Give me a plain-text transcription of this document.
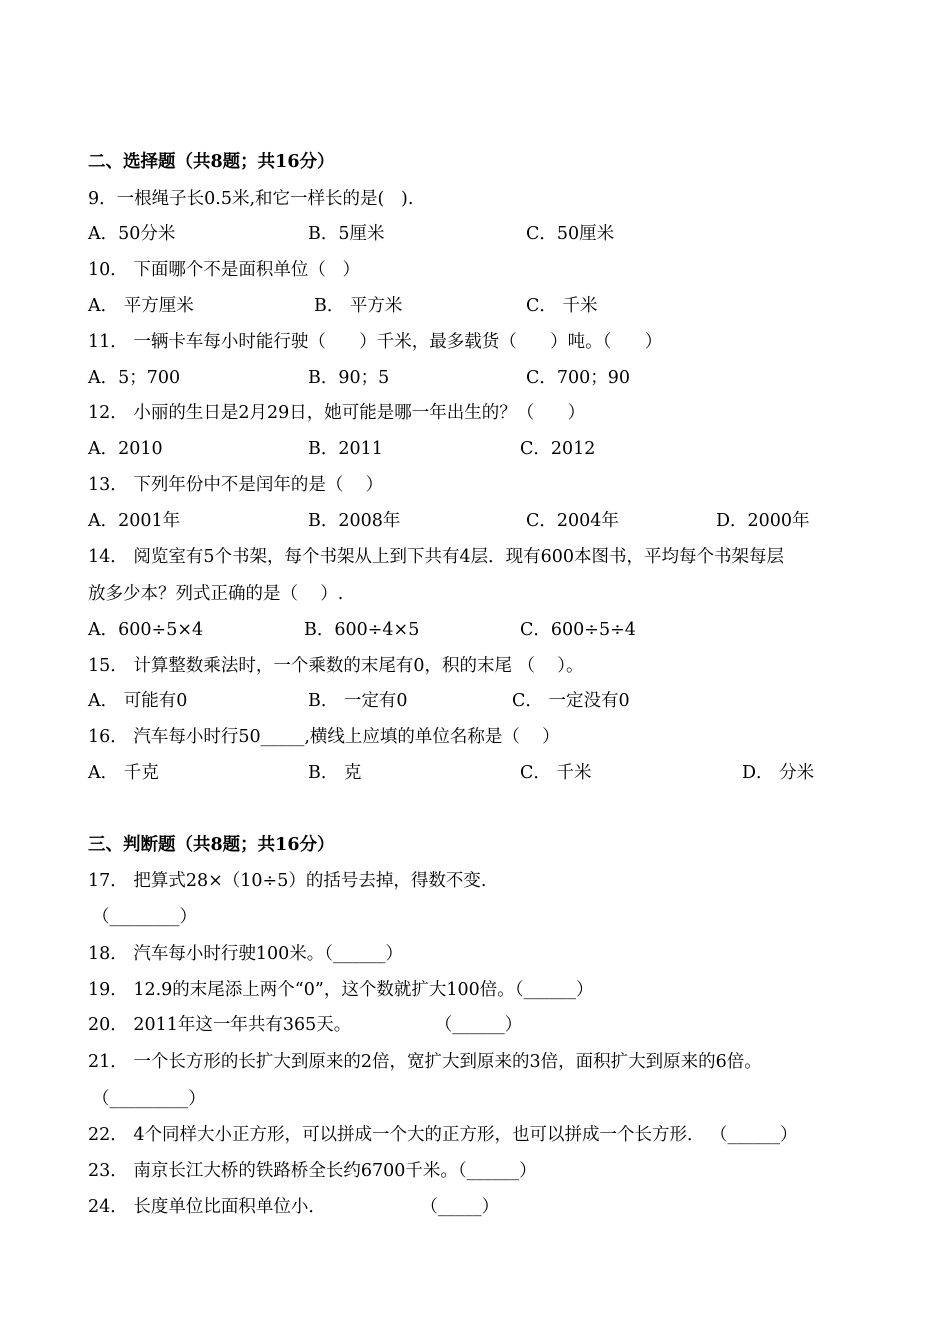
二、选择题（共8题；共16分）
9．一根绳子长0.5米,和它一样长的是(   ).
A．50分米	B．5厘米	C．50厘米
10． 下面哪个不是面积单位（   ）
A． 平方厘米	B． 平方米	C． 千米
11． 一辆卡车每小时能行驶（      ）千米，最多载货（      ）吨。（      ）
A．5；700	B．90；5	C．700；90
12． 小丽的生日是2月29日，她可能是哪一年出生的？（      ）
A．2010	B．2011	C．2012
13． 下列年份中不是闰年的是（    ）
A．2001年	B．2008年	C．2004年	D．2000年
14． 阅览室有5个书架，每个书架从上到下共有4层．现有600本图书，平均每个书架每层
放多少本？列式正确的是（    ）.
A．600÷5×4	B．600÷4×5	C．600÷5÷4
15． 计算整数乘法时，一个乘数的末尾有0，积的末尾 （    ）。
A． 可能有0	B． 一定有0	C． 一定没有0
16． 汽车每小时行50_____,横线上应填的单位名称是（    ）
A． 千克	B． 克	C． 千米	D． 分米
三、判断题（共8题；共16分）
17． 把算式28×（10÷5）的括号去掉，得数不变.
（________）
18． 汽车每小时行驶100米。（______）
19． 12.9的末尾添上两个“0”，这个数就扩大100倍。（______）
20． 2011年这一年共有365天。               （______）
21． 一个长方形的长扩大到原来的2倍，宽扩大到原来的3倍，面积扩大到原来的6倍。
（_________）
22． 4个同样大小正方形，可以拼成一个大的正方形，也可以拼成一个长方形． （______）
23． 南京长江大桥的铁路桥全长约6700千米。（______）
24． 长度单位比面积单位小．                 （_____）
